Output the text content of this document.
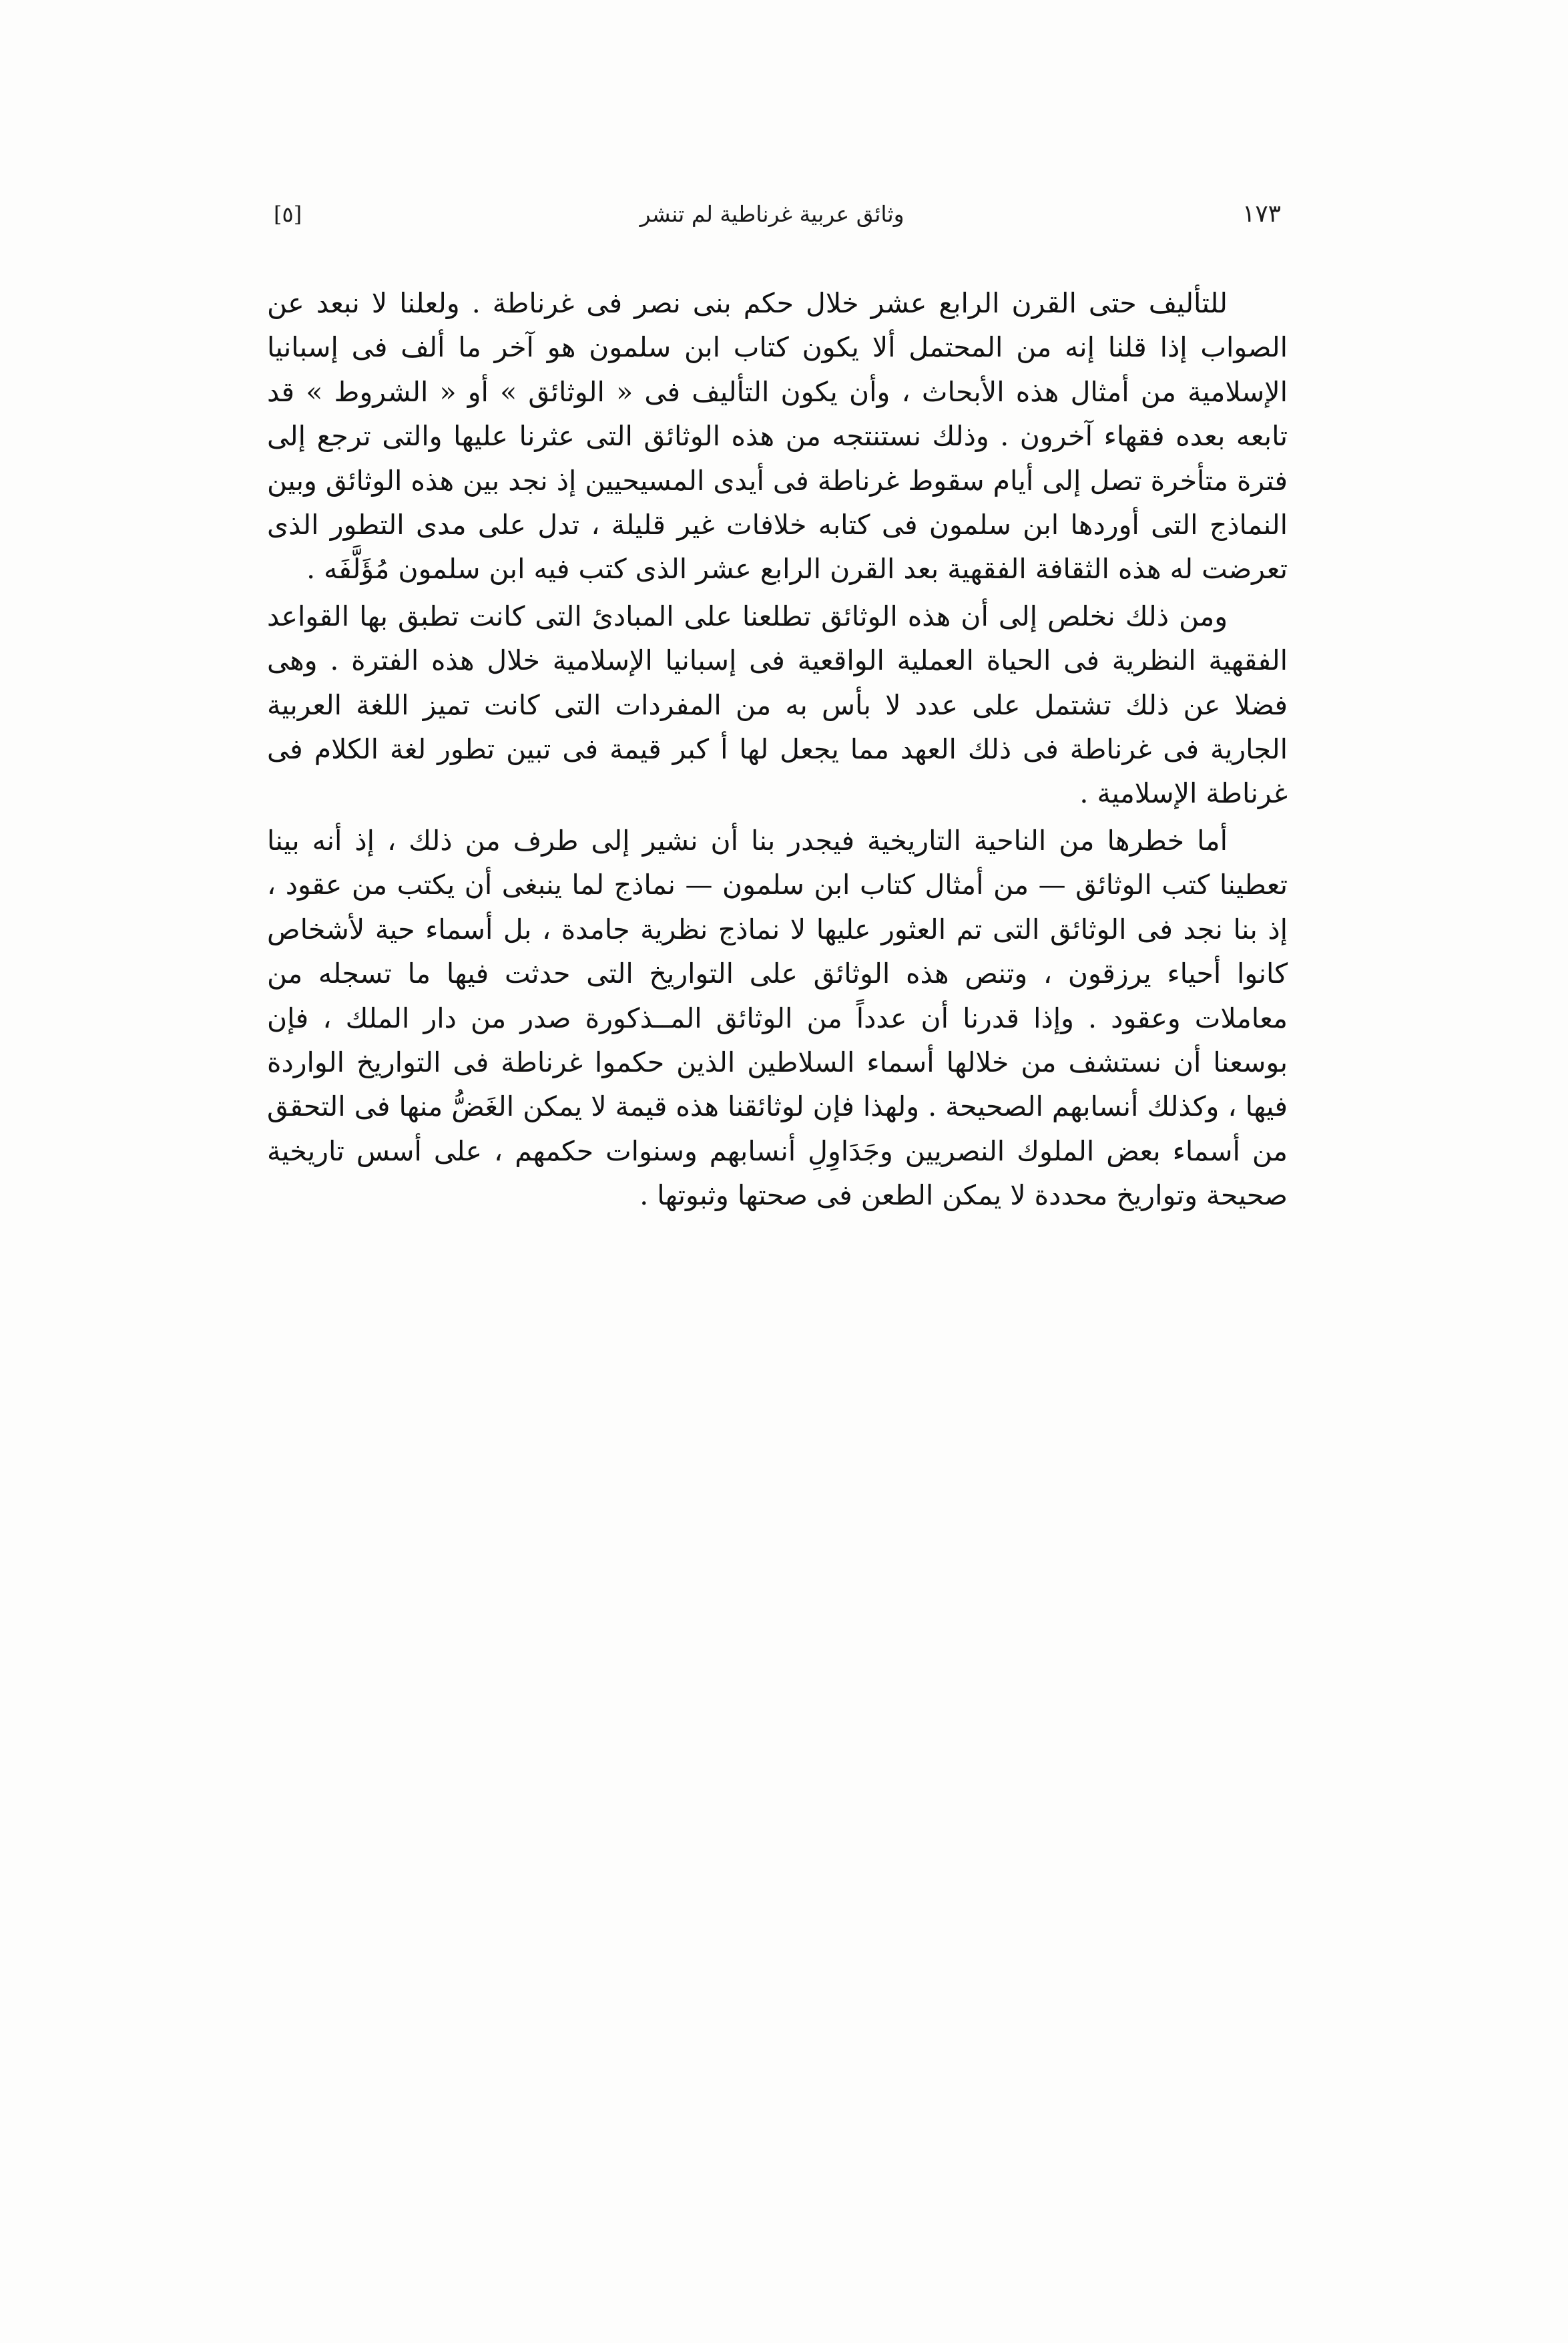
١٧٣
وثائق عربية غرناطية لم تنشر
[٥]

للتأليف حتى القرن الرابع عشر خلال حكم بنى نصر فى غرناطة . ولعلنا لا نبعد عن الصواب إذا قلنا إنه من المحتمل ألا يكون كتاب ابن سلمون هو آخر ما ألف فى إسبانيا الإسلامية من أمثال هذه الأبحاث ، وأن يكون التأليف فى « الوثائق » أو « الشروط » قد تابعه بعده فقهاء آخرون . وذلك نستنتجه من هذه الوثائق التى عثرنا عليها والتى ترجع إلى فترة متأخرة تصل إلى أيام سقوط غرناطة فى أيدى المسيحيين إذ نجد بين هذه الوثائق وبين النماذج التى أوردها ابن سلمون فى كتابه خلافات غير قليلة ، تدل على مدى التطور الذى تعرضت له هذه الثقافة الفقهية بعد القرن الرابع عشر الذى كتب فيه ابن سلمون مُؤَلَّفَه .

ومن ذلك نخلص إلى أن هذه الوثائق تطلعنا على المبادئ التى كانت تطبق بها القواعد الفقهية النظرية فى الحياة العملية الواقعية فى إسبانيا الإسلامية خلال هذه الفترة . وهى فضلا عن ذلك تشتمل على عدد لا بأس به من المفردات التى كانت تميز اللغة العربية الجارية فى غرناطة فى ذلك العهد مما يجعل لها أ كبر قيمة فى تبين تطور لغة الكلام فى غرناطة الإسلامية .

أما خطرها من الناحية التاريخية فيجدر بنا أن نشير إلى طرف من ذلك ، إذ أنه بينا تعطينا كتب الوثائق — من أمثال كتاب ابن سلمون — نماذج لما ينبغى أن يكتب من عقود ، إذ بنا نجد فى الوثائق التى تم العثور عليها لا نماذج نظرية جامدة ، بل أسماء حية لأشخاص كانوا أحياء يرزقون ، وتنص هذه الوثائق على التواريخ التى حدثت فيها ما تسجله من معاملات وعقود . وإذا قدرنا أن عدداً من الوثائق المــذكورة صدر من دار الملك ، فإن بوسعنا أن نستشف من خلالها أسماء السلاطين الذين حكموا غرناطة فى التواريخ الواردة فيها ، وكذلك أنسابهم الصحيحة . ولهذا فإن لوثائقنا هذه قيمة لا يمكن الغَضُّ منها فى التحقق من أسماء بعض الملوك النصريين وجَدَاوِلِ أنسابهم وسنوات حكمهم ، على أسس تاريخية صحيحة وتواريخ محددة لا يمكن الطعن فى صحتها وثبوتها .
